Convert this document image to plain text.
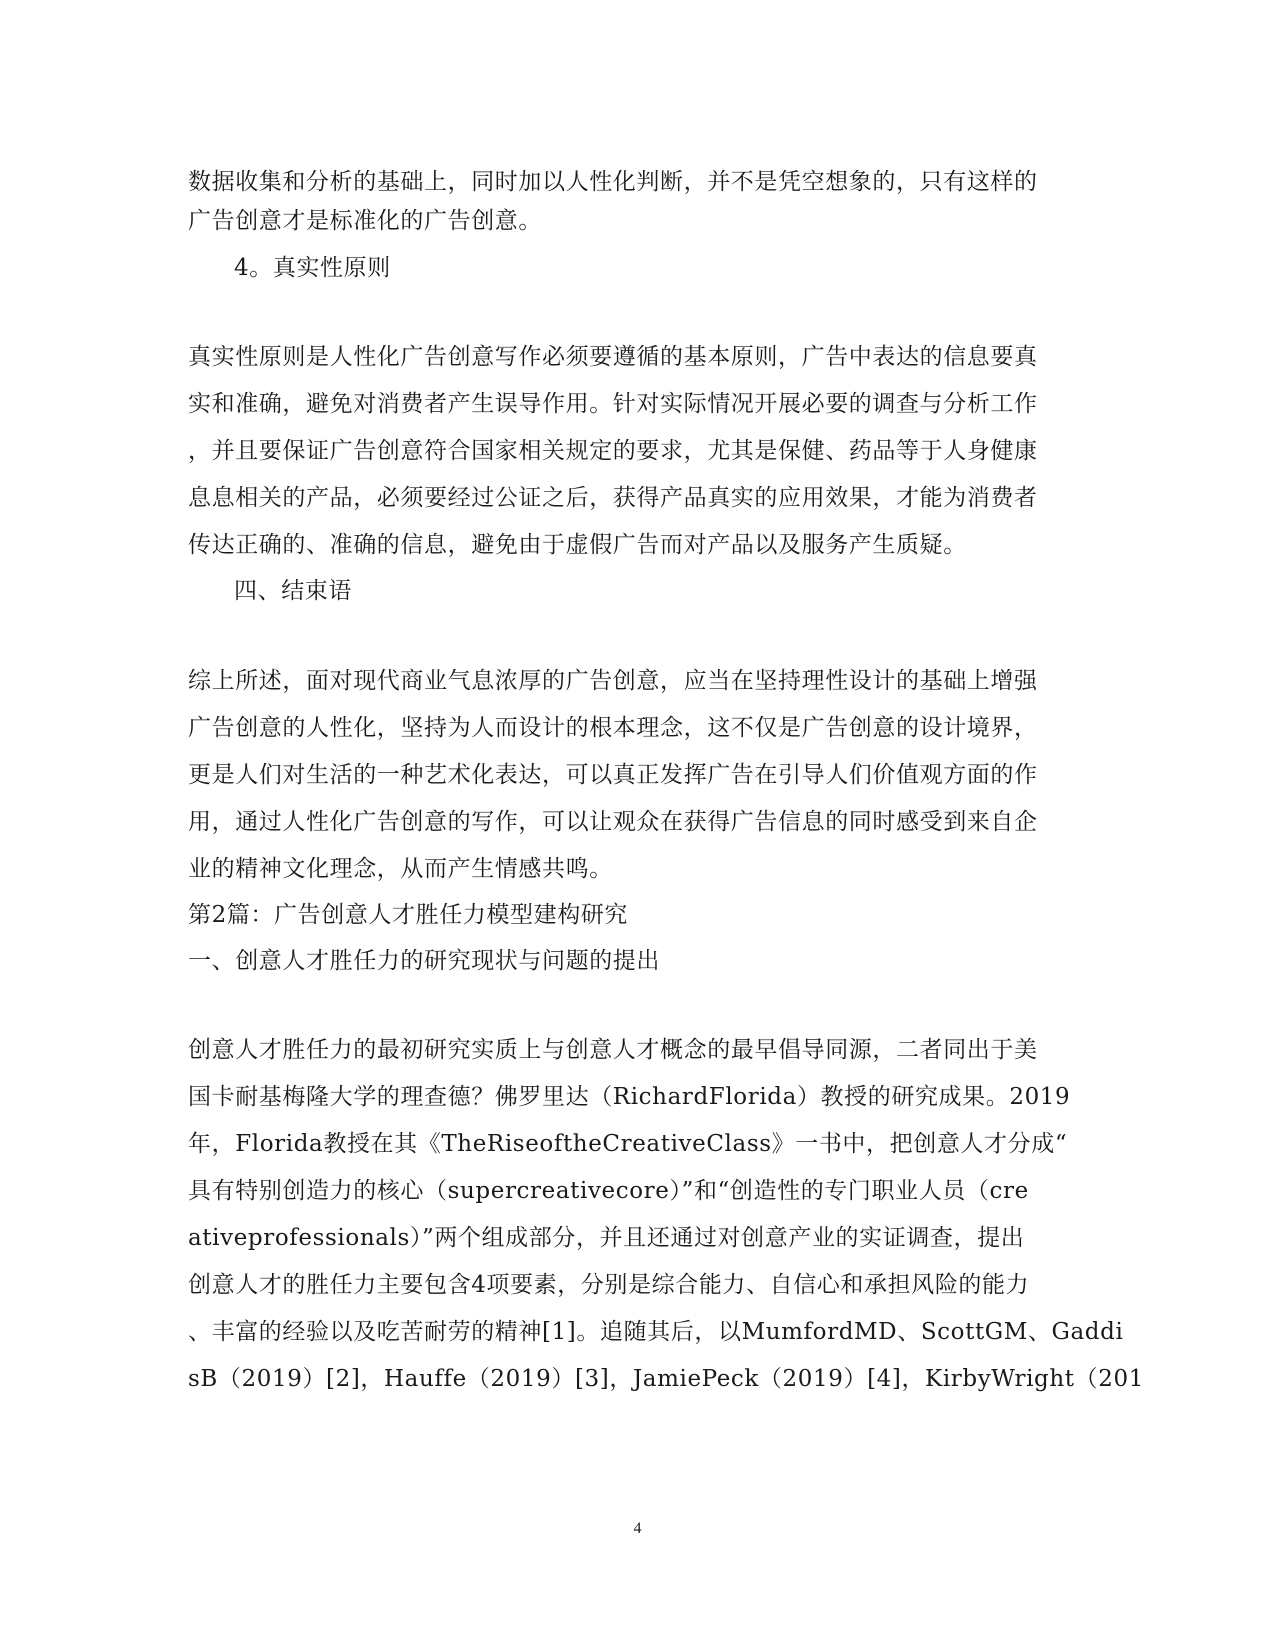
数据收集和分析的基础上，同时加以人性化判断，并不是凭空想象的，只有这样的
广告创意才是标准化的广告创意。
4。真实性原则
真实性原则是人性化广告创意写作必须要遵循的基本原则，广告中表达的信息要真
实和准确，避免对消费者产生误导作用。针对实际情况开展必要的调查与分析工作
，并且要保证广告创意符合国家相关规定的要求，尤其是保健、药品等于人身健康
息息相关的产品，必须要经过公证之后，获得产品真实的应用效果，才能为消费者
传达正确的、准确的信息，避免由于虚假广告而对产品以及服务产生质疑。
四、结束语
综上所述，面对现代商业气息浓厚的广告创意，应当在坚持理性设计的基础上增强
广告创意的人性化，坚持为人而设计的根本理念，这不仅是广告创意的设计境界，
更是人们对生活的一种艺术化表达，可以真正发挥广告在引导人们价值观方面的作
用，通过人性化广告创意的写作，可以让观众在获得广告信息的同时感受到来自企
业的精神文化理念，从而产生情感共鸣。
第2篇：广告创意人才胜任力模型建构研究
一、创意人才胜任力的研究现状与问题的提出
创意人才胜任力的最初研究实质上与创意人才概念的最早倡导同源，二者同出于美
国卡耐基梅隆大学的理查德？佛罗里达（RichardFlorida）教授的研究成果。2019
年，Florida教授在其《TheRiseoftheCreativeClass》一书中，把创意人才分成“
具有特别创造力的核心（supercreativecore）”和“创造性的专门职业人员（cre
ativeprofessionals）”两个组成部分，并且还通过对创意产业的实证调查，提出
创意人才的胜任力主要包含4项要素，分别是综合能力、自信心和承担风险的能力
、丰富的经验以及吃苦耐劳的精神[1]。追随其后，以MumfordMD、ScottGM、Gaddi
sB（2019）[2]，Hauffe（2019）[3]，JamiePeck（2019）[4]，KirbyWright（201
4
